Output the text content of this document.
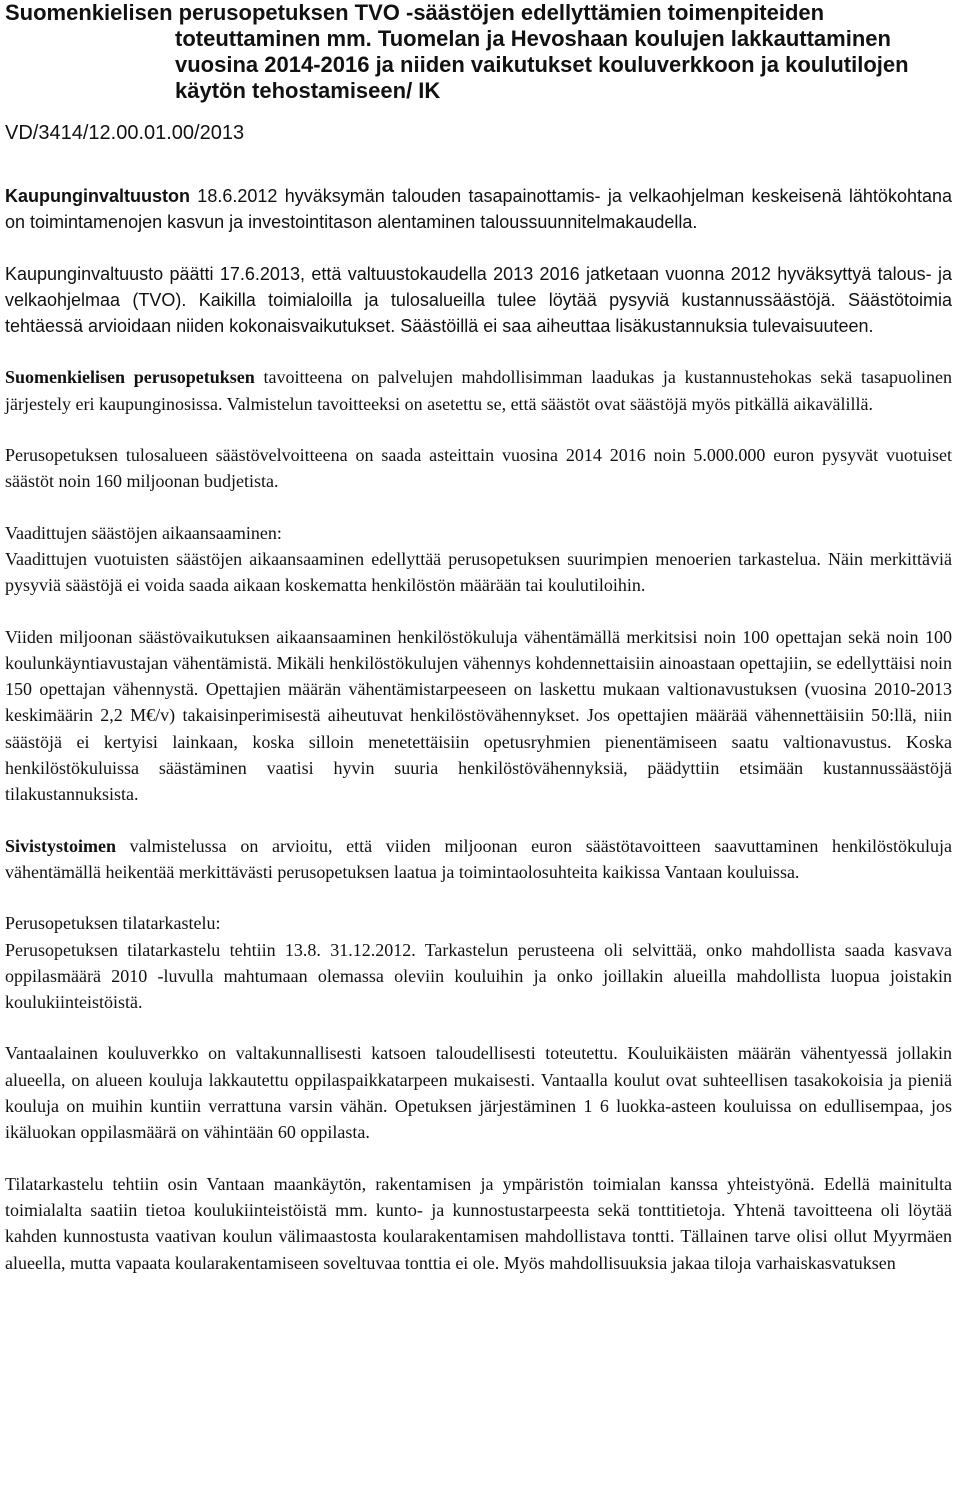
Suomenkielisen perusopetuksen TVO -säästöjen edellyttämien toimenpiteiden toteuttaminen mm. Tuomelan ja Hevoshaan koulujen lakkauttaminen vuosina 2014-2016 ja niiden vaikutukset kouluverkkoon ja koulutilojen käytön tehostamiseen/ IK
VD/3414/12.00.01.00/2013

Kaupunginvaltuuston 18.6.2012 hyväksymän talouden tasapainottamis- ja velkaohjelman keskeisenä lähtökohtana on toimintamenojen kasvun ja investointitason alentaminen taloussuunnitelmakaudella.

Kaupunginvaltuusto päätti 17.6.2013, että valtuustokaudella 2013 2016 jatketaan vuonna 2012 hyväksyttyä talous- ja velkaohjelmaa (TVO). Kaikilla toimialoilla ja tulosalueilla tulee löytää pysyviä kustannussäästöjä. Säästötoimia tehtäessä arvioidaan niiden kokonaisvaikutukset. Säästöillä ei saa aiheuttaa lisäkustannuksia tulevaisuuteen.

Suomenkielisen perusopetuksen tavoitteena on palvelujen mahdollisimman laadukas ja kustannustehokas sekä tasapuolinen järjestely eri kaupunginosissa. Valmistelun tavoitteeksi on asetettu se, että säästöt ovat säästöjä myös pitkällä aikavälillä.

Perusopetuksen tulosalueen säästövelvoitteena on saada asteittain vuosina 2014 2016 noin 5.000.000 euron pysyvät vuotuiset säästöt noin 160 miljoonan budjetista.

Vaadittujen säästöjen aikaansaaminen:

Vaadittujen vuotuisten säästöjen aikaansaaminen edellyttää perusopetuksen suurimpien menoerien tarkastelua. Näin merkittäviä pysyviä säästöjä ei voida saada aikaan koskematta henkilöstön määrään tai koulutiloihin.

Viiden miljoonan säästövaikutuksen aikaansaaminen henkilöstökuluja vähentämällä merkitsisi noin 100 opettajan sekä noin 100 koulunkäyntiavustajan vähentämistä. Mikäli henkilöstökulujen vähennys kohdennettaisiin ainoastaan opettajiin, se edellyttäisi noin 150 opettajan vähennystä. Opettajien määrän vähentämistarpeeseen on laskettu mukaan valtionavustuksen (vuosina 2010-2013 keskimäärin 2,2 M€/v) takaisinperimisestä aiheutuvat henkilöstövähennykset. Jos opettajien määrää vähennettäisiin 50:llä, niin säästöjä ei kertyisi lainkaan, koska silloin menetettäisiin opetusryhmien pienentämiseen saatu valtionavustus. Koska henkilöstökuluissa säästäminen vaatisi hyvin suuria henkilöstövähennyksiä, päädyttiin etsimään kustannussäästöjä tilakustannuksista.

Sivistystoimen valmistelussa on arvioitu, että viiden miljoonan euron säästötavoitteen saavuttaminen henkilöstökuluja vähentämällä heikentää merkittävästi perusopetuksen laatua ja toimintaolosuhteita kaikissa Vantaan kouluissa.

Perusopetuksen tilatarkastelu:

Perusopetuksen tilatarkastelu tehtiin 13.8. 31.12.2012. Tarkastelun perusteena oli selvittää, onko mahdollista saada kasvava oppilasmäärä 2010 -luvulla mahtumaan olemassa oleviin kouluihin ja onko joillakin alueilla mahdollista luopua joistakin koulukiinteistöistä.

Vantaalainen kouluverkko on valtakunnallisesti katsoen taloudellisesti toteutettu. Kouluikäisten määrän vähentyessä jollakin alueella, on alueen kouluja lakkautettu oppilaspaikkatarpeen mukaisesti. Vantaalla koulut ovat suhteellisen tasakokoisia ja pieniä kouluja on muihin kuntiin verrattuna varsin vähän. Opetuksen järjestäminen 1 6 luokka-asteen kouluissa on edullisempaa, jos ikäluokan oppilasmäärä on vähintään 60 oppilasta.

Tilatarkastelu tehtiin osin Vantaan maankäytön, rakentamisen ja ympäristön toimialan kanssa yhteistyönä. Edellä mainitulta toimialalta saatiin tietoa koulukiinteistöistä mm. kunto- ja kunnostustarpeesta sekä tonttitietoja. Yhtenä tavoitteena oli löytää kahden kunnostusta vaativan koulun välimaastosta koularakentamisen mahdollistava tontti. Tällainen tarve olisi ollut Myyrmäen alueella, mutta vapaata koularakentamiseen soveltuvaa tonttia ei ole. Myös mahdollisuuksia jakaa tiloja varhaiskasvatuksen
